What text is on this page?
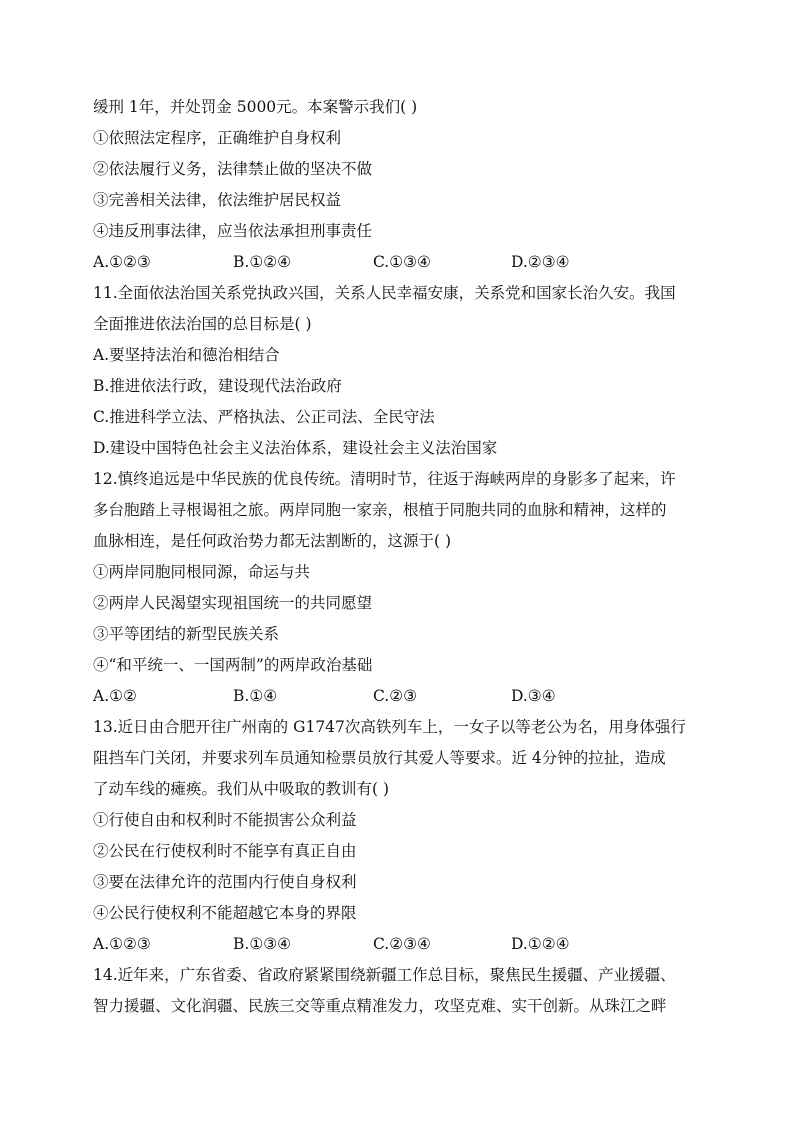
缓刑 1年，并处罚金 5000元。本案警示我们( )
①依照法定程序，正确维护自身权利
②依法履行义务，法律禁止做的坚决不做
③完善相关法律，依法维护居民权益
④违反刑事法律，应当依法承担刑事责任
A.①②③	B.①②④	C.①③④	D.②③④
11.全面依法治国关系党执政兴国，关系人民幸福安康，关系党和国家长治久安。我国
全面推进依法治国的总目标是( )
A.要坚持法治和德治相结合
B.推进依法行政，建设现代法治政府
C.推进科学立法、严格执法、公正司法、全民守法
D.建设中国特色社会主义法治体系，建设社会主义法治国家
12.慎终追远是中华民族的优良传统。清明时节，往返于海峡两岸的身影多了起来，许
多台胞踏上寻根谒祖之旅。两岸同胞一家亲，根植于同胞共同的血脉和精神，这样的
血脉相连，是任何政治势力都无法割断的，这源于( )
①两岸同胞同根同源，命运与共
②两岸人民渴望实现祖国统一的共同愿望
③平等团结的新型民族关系
④“和平统一、一国两制”的两岸政治基础
A.①②	B.①④	C.②③	D.③④
13.近日由合肥开往广州南的 G1747次高铁列车上，一女子以等老公为名，用身体强行
阻挡车门关闭，并要求列车员通知检票员放行其爱人等要求。近 4分钟的拉扯，造成
了动车线的瘫痪。我们从中吸取的教训有( )
①行使自由和权利时不能损害公众利益
②公民在行使权利时不能享有真正自由
③要在法律允许的范围内行使自身权利
④公民行使权利不能超越它本身的界限
A.①②③	B.①③④	C.②③④	D.①②④
14.近年来，广东省委、省政府紧紧围绕新疆工作总目标，聚焦民生援疆、产业援疆、
智力援疆、文化润疆、民族三交等重点精准发力，攻坚克难、实干创新。从珠江之畔
